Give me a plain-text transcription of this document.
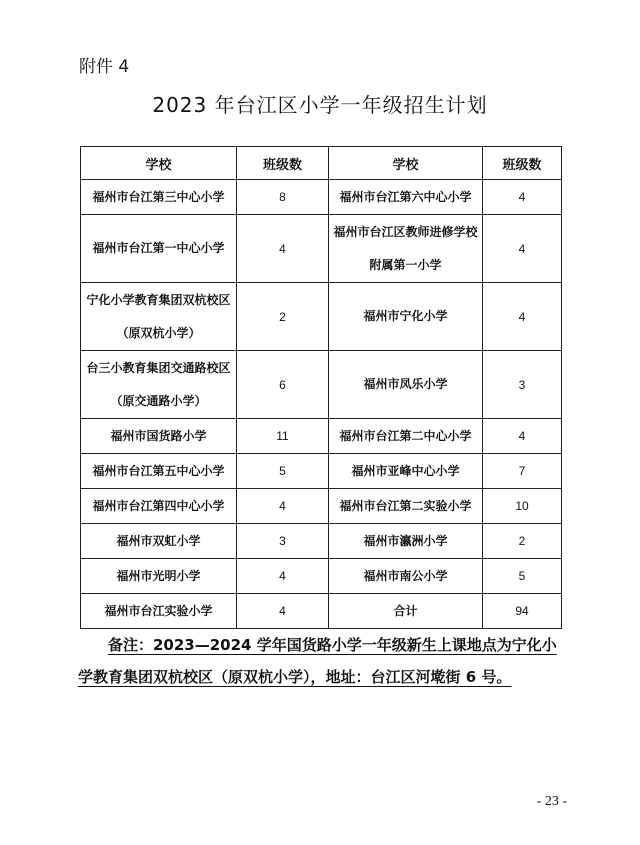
附件 4
2023 年台江区小学一年级招生计划
学校	班级数	学校	班级数
福州市台江第三中心小学	8	福州市台江第六中心小学	4
福州市台江第一中心小学	4	福州市台江区教师进修学校附属第一小学	4
宁化小学教育集团双杭校区（原双杭小学）	2	福州市宁化小学	4
台三小教育集团交通路校区（原交通路小学）	6	福州市凤乐小学	3
福州市国货路小学	11	福州市台江第二中心小学	4
福州市台江第五中心小学	5	福州市亚峰中心小学	7
福州市台江第四中心小学	4	福州市台江第二实验小学	10
福州市双虹小学	3	福州市瀛洲小学	2
福州市光明小学	4	福州市南公小学	5
福州市台江实验小学	4	合计	94
备注：2023—2024 学年国货路小学一年级新生上课地点为宁化小学教育集团双杭校区（原双杭小学），地址：台江区河墘街 6 号。
- 23 -
